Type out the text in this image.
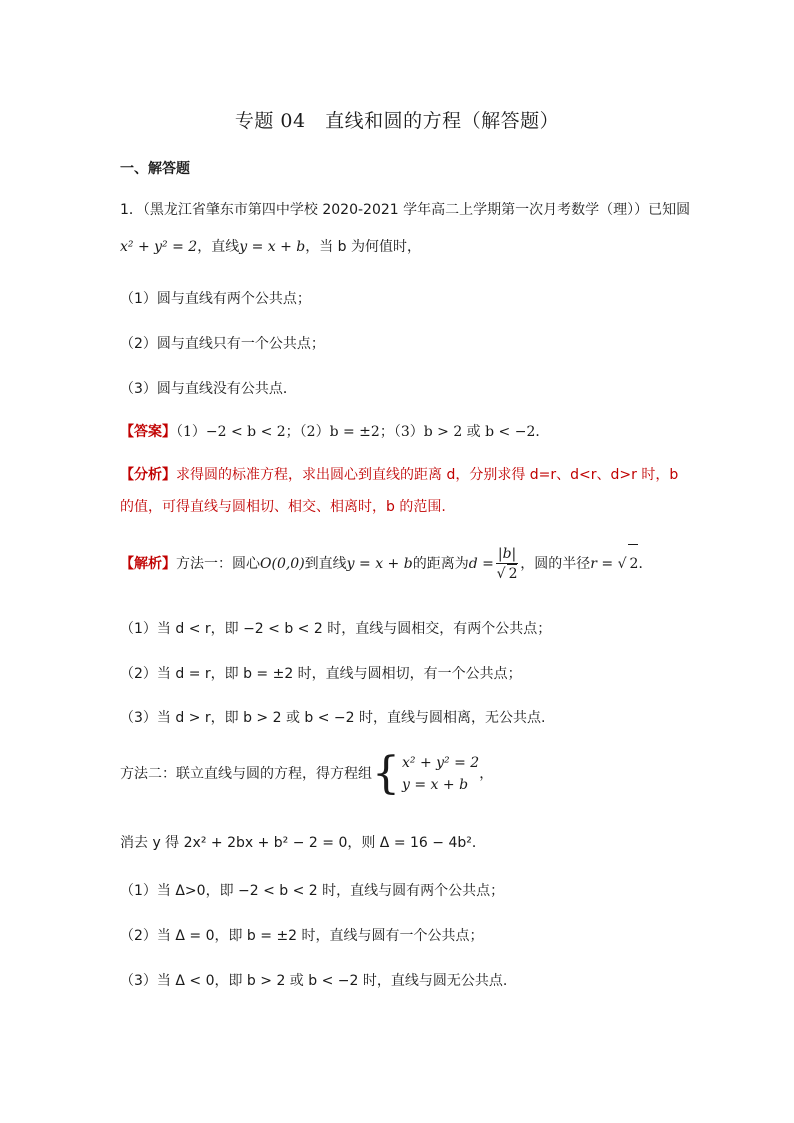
专题 04　直线和圆的方程（解答题）
一、解答题
1．（黑龙江省肇东市第四中学校 2020-2021 学年高二上学期第一次月考数学（理））已知圆
x² + y² = 2，直线y = x + b，当 b 为何值时，
（1）圆与直线有两个公共点；
（2）圆与直线只有一个公共点；
（3）圆与直线没有公共点．
【答案】（1）−2 < b < 2；（2）b = ±2；（3）b > 2 或 b < −2．
【分析】求得圆的标准方程，求出圆心到直线的距离 d，分别求得 d=r、d<r、d>r 时，b
的值，可得直线与圆相切、相交、相离时，b 的范围.
【解析】方法一：圆心O(0,0)到直线y = x + b的距离为$d = \frac{|b|}{√ 2}$ ，圆的半径r = √ 2．
（1）当 d < r，即 −2 < b < 2 时，直线与圆相交，有两个公共点；
（2）当 d = r，即 b = ±2 时，直线与圆相切，有一个公共点；
（3）当 d > r，即 b > 2 或 b < −2 时，直线与圆相离，无公共点.
方法二：联立直线与圆的方程，得方程组{ x² + y² = 2
y = x + b
，
消去 y 得 2x² + 2bx + b² − 2 = 0，则 Δ = 16 − 4b²．
（1）当 Δ>0，即 −2 < b < 2 时，直线与圆有两个公共点；
（2）当 Δ = 0，即 b = ±2 时，直线与圆有一个公共点；
（3）当 Δ < 0，即 b > 2 或 b < −2 时，直线与圆无公共点.
